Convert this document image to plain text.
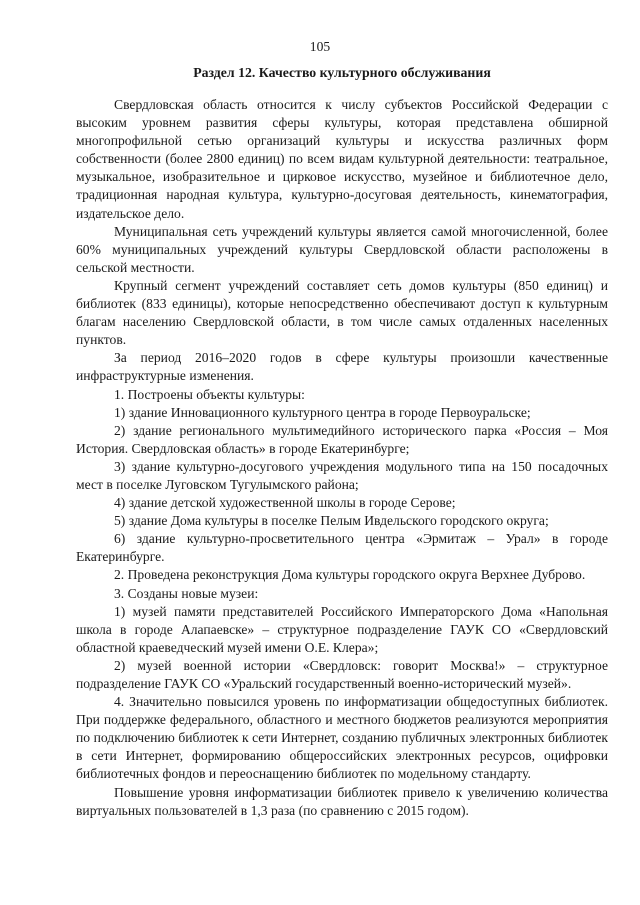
105
Раздел 12. Качество культурного обслуживания

Свердловская область относится к числу субъектов Российской Федерации с высоким уровнем развития сферы культуры, которая представлена обширной многопрофильной сетью организаций культуры и искусства различных форм собственности (более 2800 единиц) по всем видам культурной деятельности: театральное, музыкальное, изобразительное и цирковое искусство, музейное и библиотечное дело, традиционная народная культура, культурно-досуговая деятельность, кинематография, издательское дело.

Муниципальная сеть учреждений культуры является самой многочисленной, более 60% муниципальных учреждений культуры Свердловской области расположены в сельской местности.

Крупный сегмент учреждений составляет сеть домов культуры (850 единиц) и библиотек (833 единицы), которые непосредственно обеспечивают доступ к культурным благам населению Свердловской области, в том числе самых отдаленных населенных пунктов.

За период 2016–2020 годов в сфере культуры произошли качественные инфраструктурные изменения.

1. Построены объекты культуры:

1) здание Инновационного культурного центра в городе Первоуральске;

2) здание регионального мультимедийного исторического парка «Россия – Моя История. Свердловская область» в городе Екатеринбурге;

3) здание культурно-досугового учреждения модульного типа на 150 посадочных мест в поселке Луговском Тугулымского района;

4) здание детской художественной школы в городе Серове;

5) здание Дома культуры в поселке Пелым Ивдельского городского округа;

6) здание культурно-просветительного центра «Эрмитаж – Урал» в городе Екатеринбурге.

2. Проведена реконструкция Дома культуры городского округа Верхнее Дуброво.

3. Созданы новые музеи:

1) музей памяти представителей Российского Императорского Дома «Напольная школа в городе Алапаевске» – структурное подразделение ГАУК СО «Свердловский областной краеведческий музей имени О.Е. Клера»;

2) музей военной истории «Свердловск: говорит Москва!» – структурное подразделение ГАУК СО «Уральский государственный военно-исторический музей».

4. Значительно повысился уровень по информатизации общедоступных библиотек. При поддержке федерального, областного и местного бюджетов реализуются мероприятия по подключению библиотек к сети Интернет, созданию публичных электронных библиотек в сети Интернет, формированию общероссийских электронных ресурсов, оцифровки библиотечных фондов и переоснащению библиотек по модельному стандарту.

Повышение уровня информатизации библиотек привело к увеличению количества виртуальных пользователей в 1,3 раза (по сравнению с 2015 годом).
